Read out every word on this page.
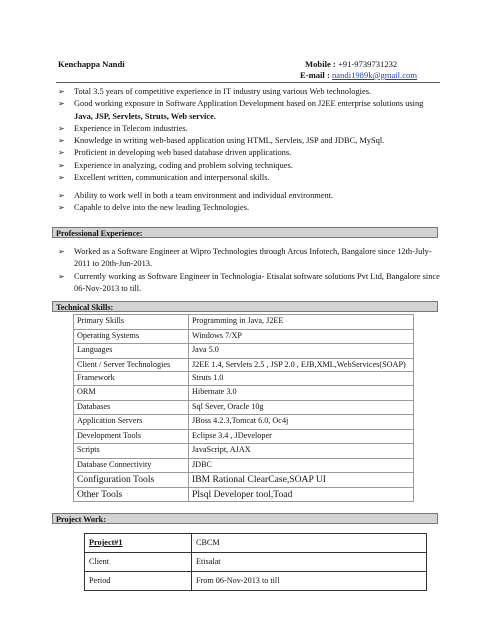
Kenchappa Nandi	Mobile : +91-9739731232
E-mail : nandi1989k@gmail.com
➢ Total 3.5 years of competitive experience in IT industry using various Web technologies.
➢ Good working exposure in Software Application Development based on J2EE enterprise solutions using Java, JSP, Servlets, Struts, Web service.
➢ Experience in Telecom industries.
➢ Knowledge in writing web-based application using HTML, Servlets, JSP and JDBC, MySql.
➢ Proficient in developing web based database driven applications.
➢ Experience in analyzing, coding and problem solving techniques.
➢ Excellent written, communication and interpersonal skills.
➢ Ability to work well in both a team environment and individual environment.
➢ Capable to delve into the new leading Technologies.
Professional Experience:
➢ Worked as a Software Engineer at Wipro Technologies through Arcus Infotech, Bangalore since 12th-July-2011 to 20th-Jun-2013.
➢ Currently working as Software Engineer in Technologia- Etisalat software solutions Pvt Ltd, Bangalore since 06-Nov-2013 to till.
Technical Skills:
Primary Skills	Programming in Java, J2EE
Operating Systems	Windows 7/XP
Languages	Java 5.0
Client / Server Technologies	J2EE 1.4, Servlets 2.5 , JSP 2.0 , EJB,XML,WebServices(SOAP)
Framework	Struts 1.0
ORM	Hibernate 3.0
Databases	Sql Sever, Oracle 10g
Application Servers	JBoss 4.2.3,Tomcat 6.0, Oc4j
Development Tools	Eclipse 3.4 , JDeveloper
Scripts	JavaScript, AJAX
Database Connectivity	JDBC
Configuration Tools	IBM Rational ClearCase,SOAP UI
Other Tools	Plsql Developer tool,Toad
Project Work:
Project#1	CBCM
Client	Etisalat
Period	From 06-Nov-2013 to till
